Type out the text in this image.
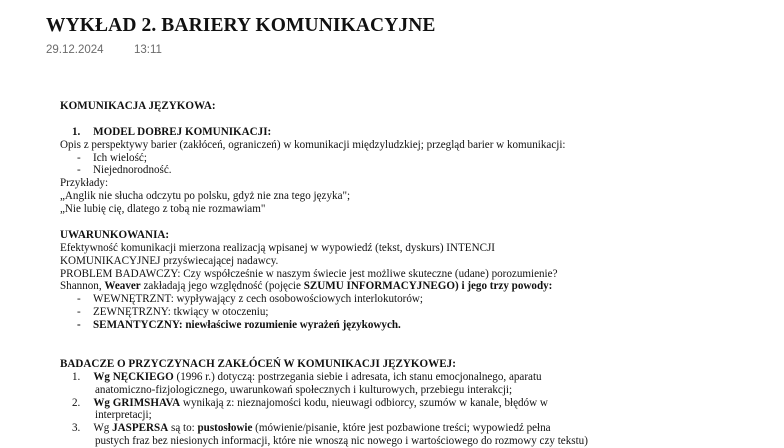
WYKŁAD 2. BARIERY KOMUNIKACYJNE
29.12.2024	13:11
KOMUNIKACJA JĘZYKOWA:
1. MODEL DOBREJ KOMUNIKACJI:
Opis z perspektywy barier (zakłóceń, ograniczeń) w komunikacji międzyludzkiej; przegląd barier w komunikacji:
- Ich wielość;
- Niejednorodność.
Przykłady:
„Anglik nie słucha odczytu po polsku, gdyż nie zna tego języka";
„Nie lubię cię, dlatego z tobą nie rozmawiam"
UWARUNKOWANIA:
Efektywność komunikacji mierzona realizacją wpisanej w wypowiedź (tekst, dyskurs) INTENCJI
KOMUNIKACYJNEJ przyświecającej nadawcy.
PROBLEM BADAWCZY: Czy współcześnie w naszym świecie jest możliwe skuteczne (udane) porozumienie?
Shannon, Weaver zakładają jego względność (pojęcie SZUMU INFORMACYJNEGO) i jego trzy powody:
- WEWNĘTRZNT: wypływający z cech osobowościowych interlokutorów;
- ZEWNĘTRZNY: tkwiący w otoczeniu;
- SEMANTYCZNY: niewłaściwe rozumienie wyrażeń językowych.
BADACZE O PRZYCZYNACH ZAKŁÓCEŃ W KOMUNIKACJI JĘZYKOWEJ:
1. Wg NĘCKIEGO (1996 r.) dotyczą: postrzegania siebie i adresata, ich stanu emocjonalnego, aparatu
anatomiczno-fizjologicznego, uwarunkowań społecznych i kulturowych, przebiegu interakcji;
2. Wg GRIMSHAVA wynikają z: nieznajomości kodu, nieuwagi odbiorcy, szumów w kanale, błędów w
interpretacji;
3. Wg JASPERSA są to: pustosłowie (mówienie/pisanie, które jest pozbawione treści; wypowiedź pełna
pustych fraz bez niesionych informacji, które nie wnoszą nic nowego i wartościowego do rozmowy czy tekstu)
